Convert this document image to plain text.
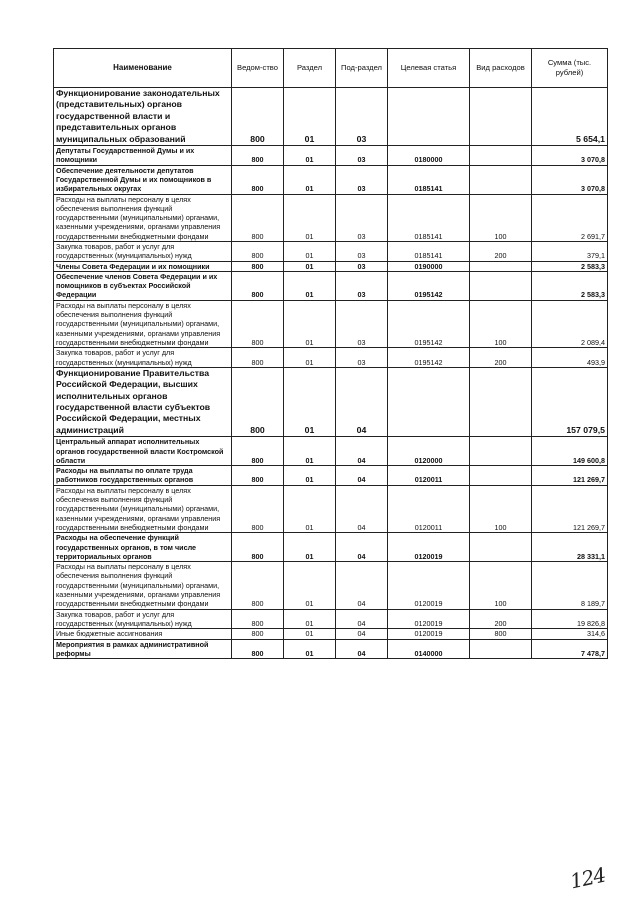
Наименование	Ведом-ство	Раздел	Под-раздел	Целевая статья	Вид расходов	Сумма (тыс. рублей)
Функционирование законодательных (представительных) органов государственной власти и представительных органов муниципальных образований	800	01	03			5 654,1
Депутаты Государственной Думы и их помощники	800	01	03	0180000		3 070,8
Обеспечение деятельности депутатов Государственной Думы и их помощников в избирательных округах	800	01	03	0185141		3 070,8
Расходы на выплаты персоналу в целях обеспечения выполнения функций государственными (муниципальными) органами, казенными учреждениями, органами управления государственными внебюджетными фондами	800	01	03	0185141	100	2 691,7
Закупка товаров, работ и услуг для государственных (муниципальных) нужд	800	01	03	0185141	200	379,1
Члены Совета Федерации и их помощники	800	01	03	0190000		2 583,3
Обеспечение членов Совета Федерации и их помощников в субъектах Российской Федерации	800	01	03	0195142		2 583,3
Расходы на выплаты персоналу в целях обеспечения выполнения функций государственными (муниципальными) органами, казенными учреждениями, органами управления государственными внебюджетными фондами	800	01	03	0195142	100	2 089,4
Закупка товаров, работ и услуг для государственных (муниципальных) нужд	800	01	03	0195142	200	493,9
Функционирование Правительства Российской Федерации, высших исполнительных органов государственной власти субъектов Российской Федерации, местных администраций	800	01	04			157 079,5
Центральный аппарат исполнительных органов государственной власти Костромской области	800	01	04	0120000		149 600,8
Расходы на выплаты по оплате труда работников государственных органов	800	01	04	0120011		121 269,7
Расходы на выплаты персоналу в целях обеспечения выполнения функций государственными (муниципальными) органами, казенными учреждениями, органами управления государственными внебюджетными фондами	800	01	04	0120011	100	121 269,7
Расходы на обеспечение функций государственных органов, в том числе территориальных органов	800	01	04	0120019		28 331,1
Расходы на выплаты персоналу в целях обеспечения выполнения функций государственными (муниципальными) органами, казенными учреждениями, органами управления государственными внебюджетными фондами	800	01	04	0120019	100	8 189,7
Закупка товаров, работ и услуг для государственных (муниципальных) нужд	800	01	04	0120019	200	19 826,8
Иные бюджетные ассигнования	800	01	04	0120019	800	314,6
Мероприятия в рамках административной реформы	800	01	04	0140000		7 478,7
124
